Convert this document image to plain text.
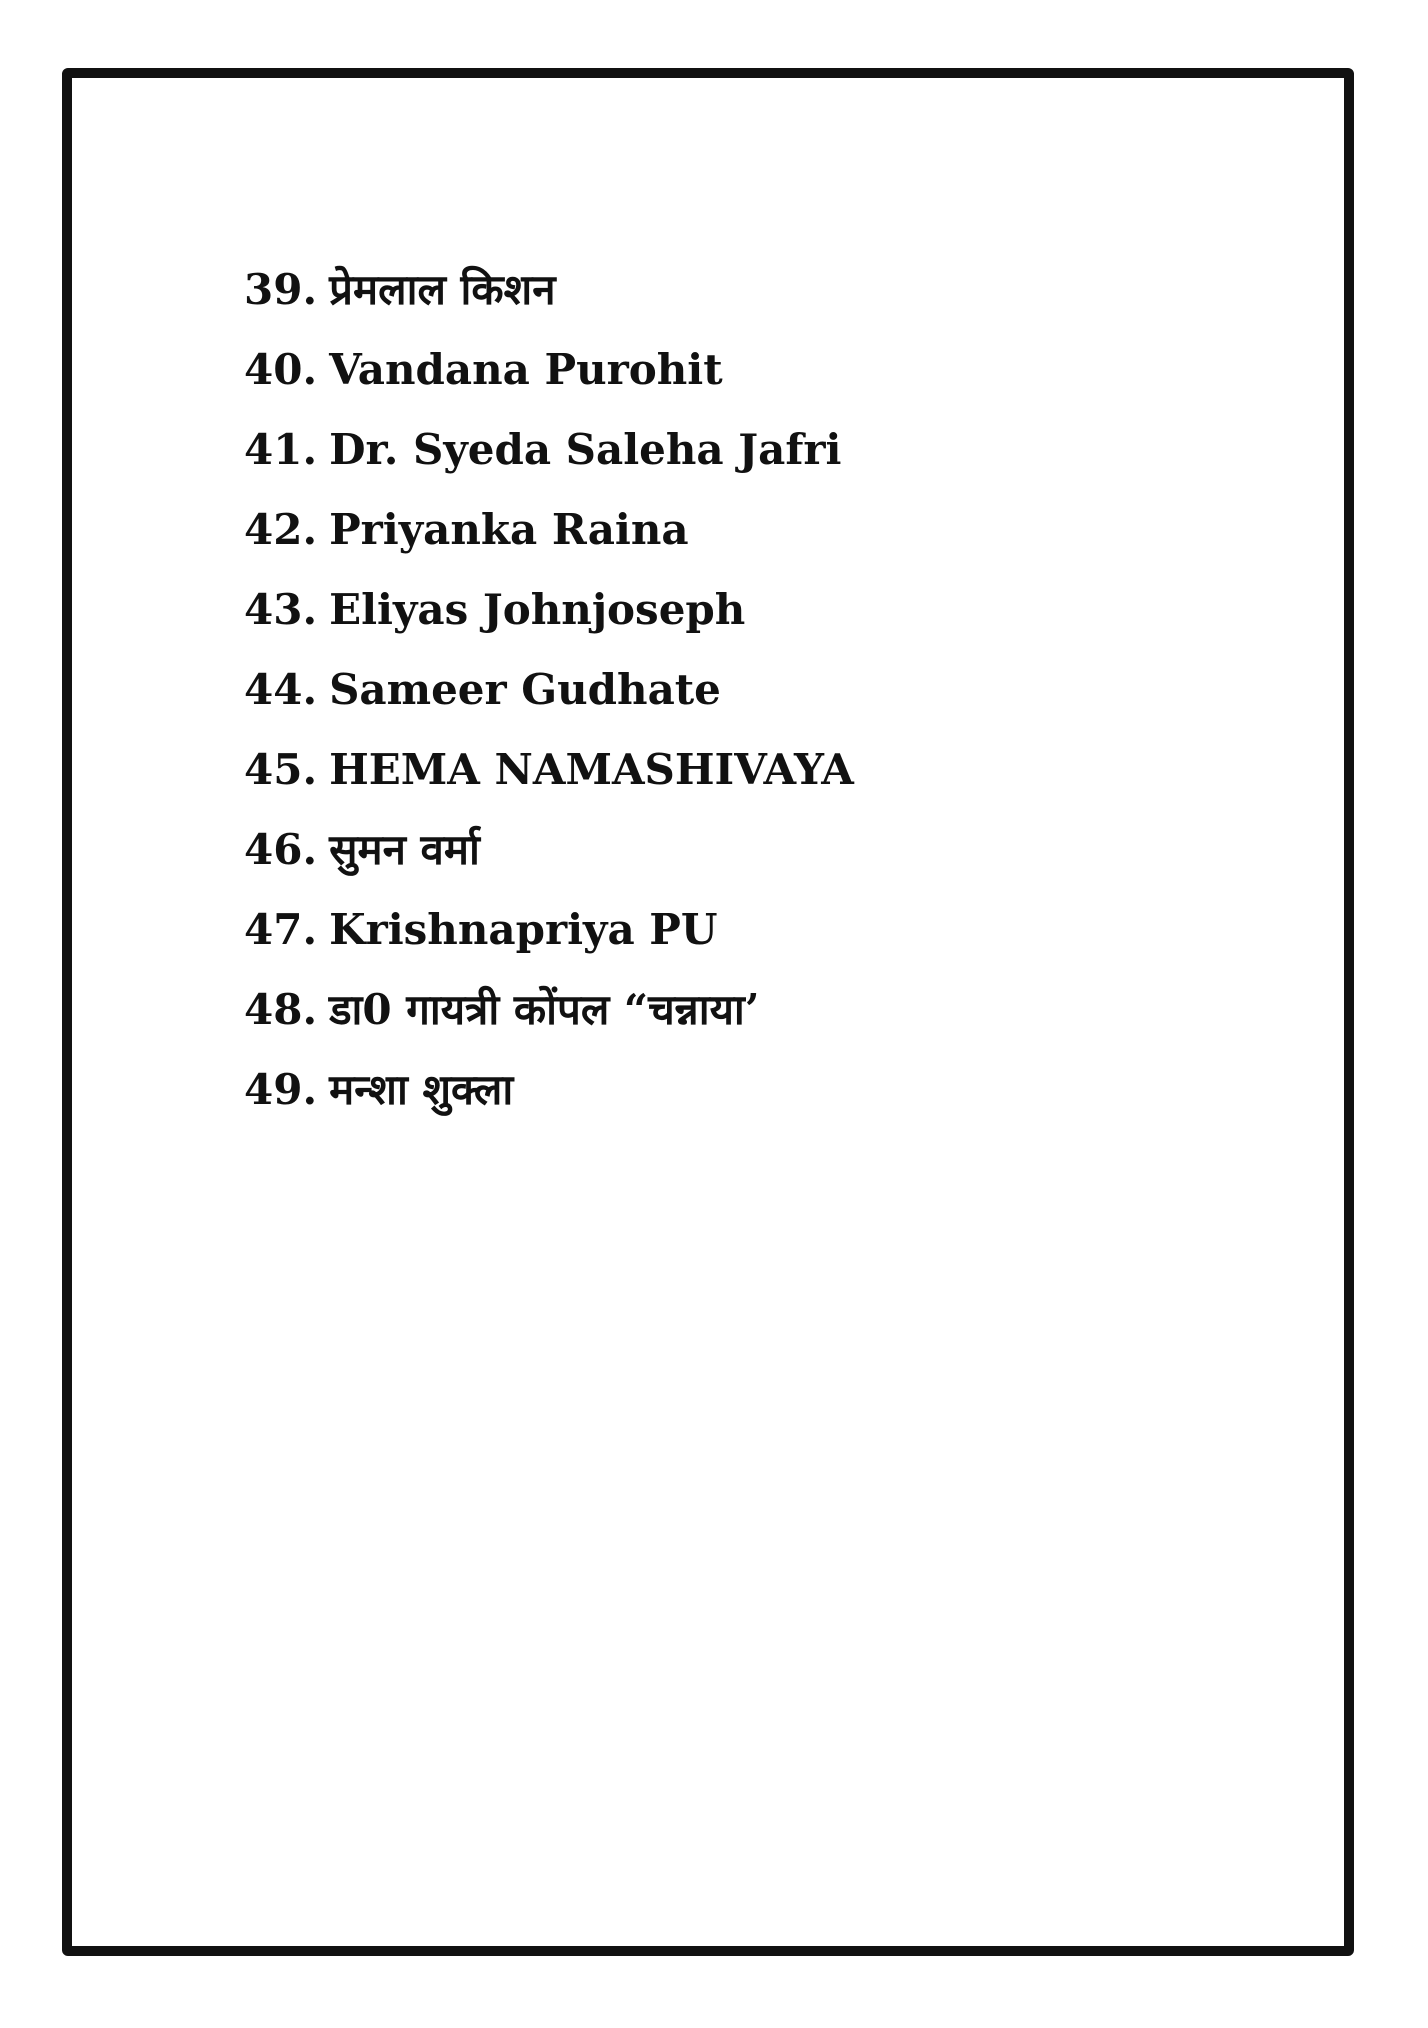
39. प्रेमलाल किशन
40. Vandana Purohit
41. Dr. Syeda Saleha Jafri
42. Priyanka Raina
43. Eliyas Johnjoseph
44. Sameer Gudhate
45. HEMA NAMASHIVAYA
46. सुमन वर्मा
47. Krishnapriya PU
48. डा0 गायत्री कोंपल “चन्नाया’
49. मन्शा शुक्ला
